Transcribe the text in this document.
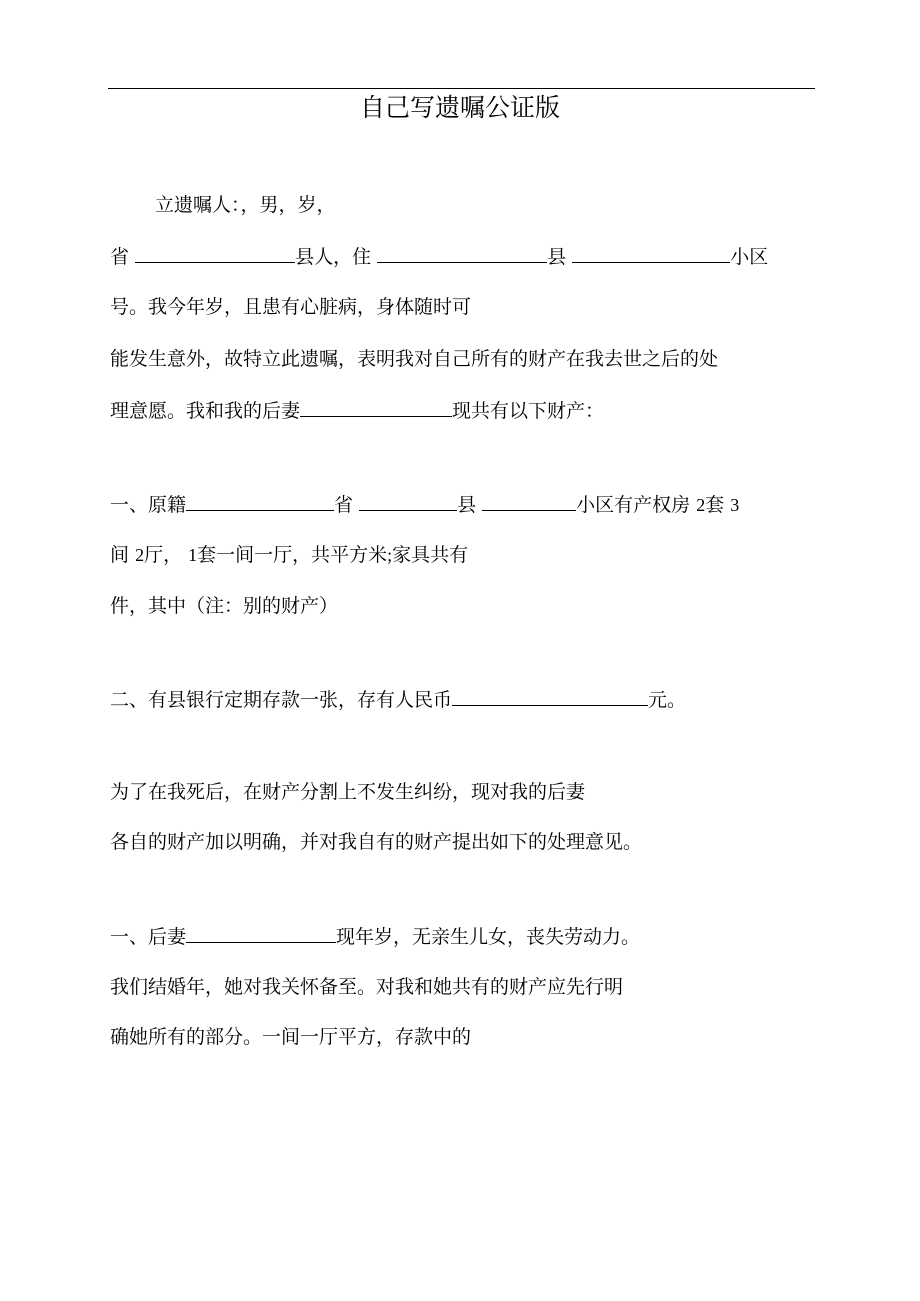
自己写遗嘱公证版
立遗嘱人：，男，岁，
省	县人，住	县	小区
号。我今年岁，且患有心脏病，身体随时可
能发生意外，故特立此遗嘱，表明我对自己所有的财产在我去世之后的处
理意愿。我和我的后妻	现共有以下财产：
一、原籍	省	县	小区有产权房 2套 3
间 2厅， 1套一间一厅，共平方米;家具共有
件，其中（注：别的财产）
二、有县银行定期存款一张，存有人民币	元。
为了在我死后，在财产分割上不发生纠纷，现对我的后妻
各自的财产加以明确，并对我自有的财产提出如下的处理意见。
一、后妻	现年岁，无亲生儿女，丧失劳动力。
我们结婚年，她对我关怀备至。对我和她共有的财产应先行明
确她所有的部分。一间一厅平方，存款中的
